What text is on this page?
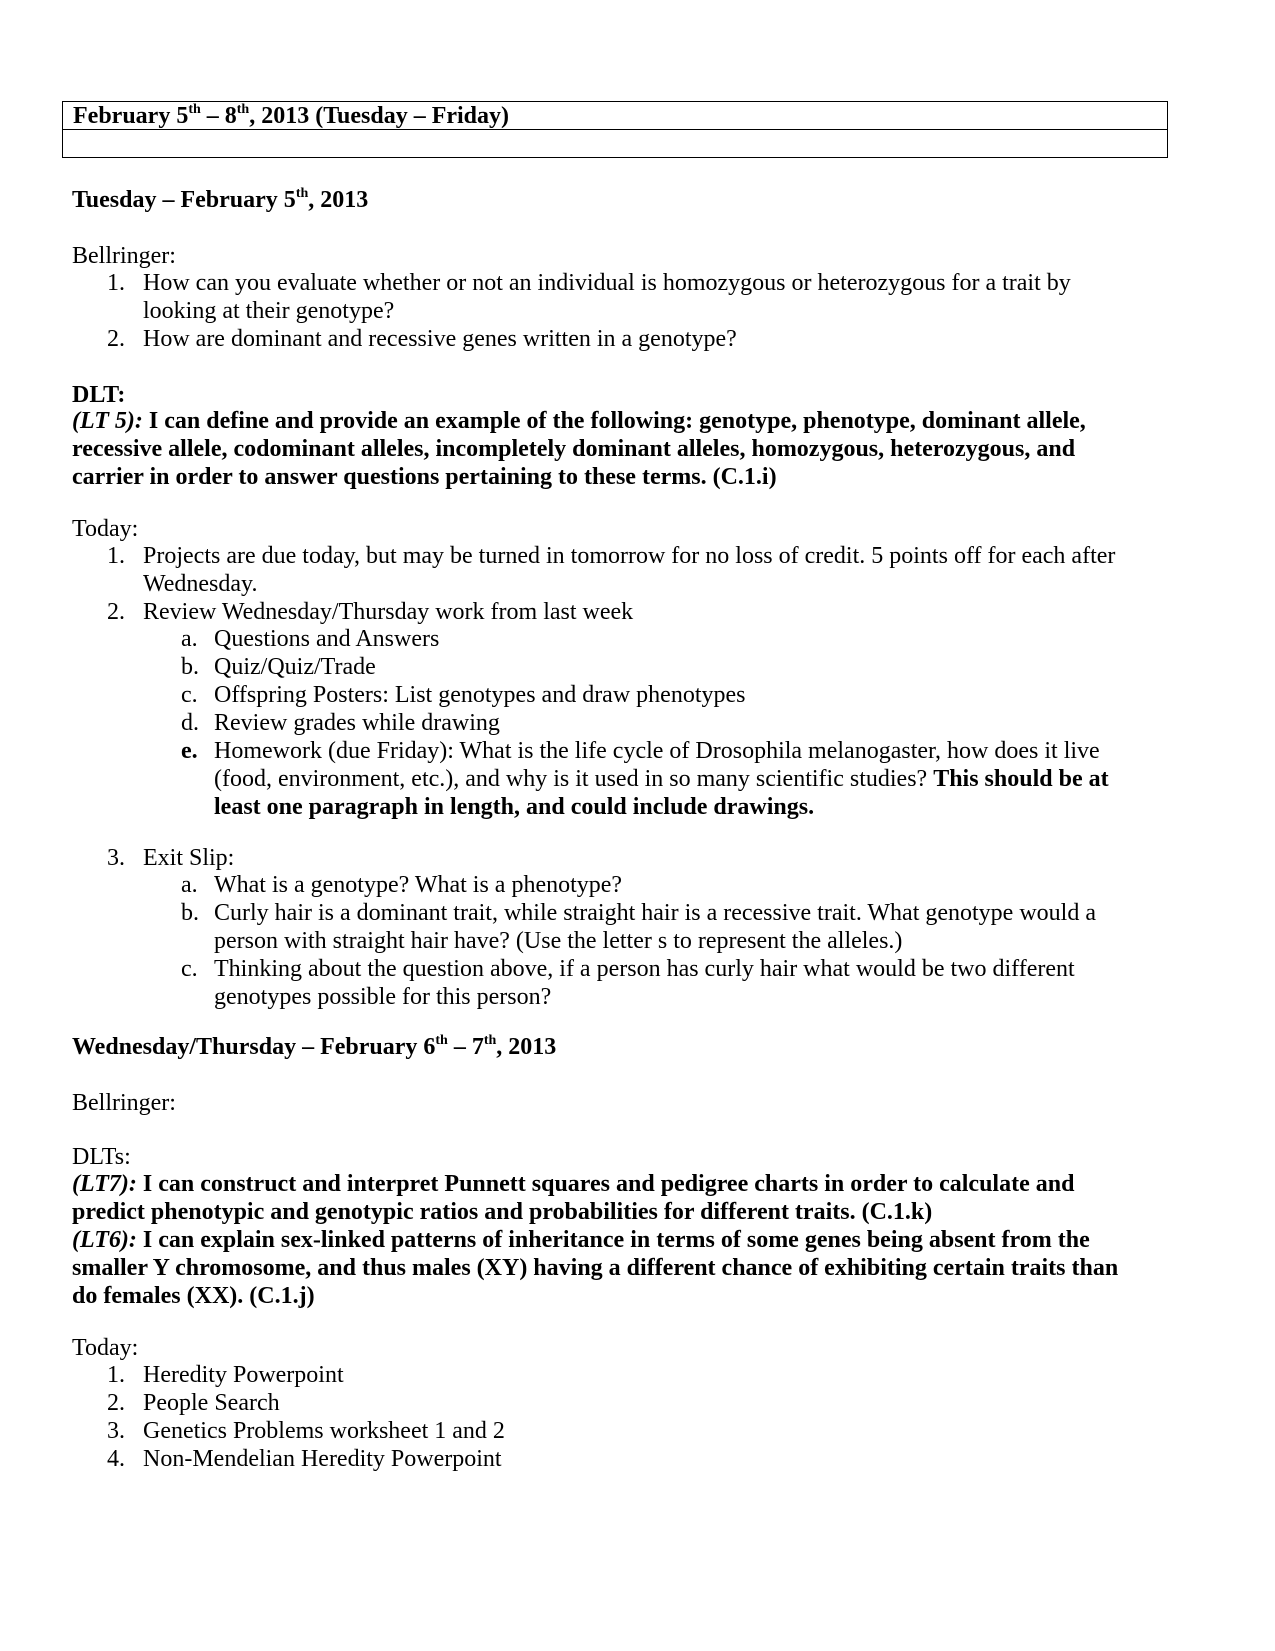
February 5th – 8th, 2013 (Tuesday – Friday)
Tuesday – February 5th, 2013
Bellringer:
1. How can you evaluate whether or not an individual is homozygous or heterozygous for a trait by looking at their genotype?
2. How are dominant and recessive genes written in a genotype?
DLT:
(LT 5): I can define and provide an example of the following: genotype, phenotype, dominant allele, recessive allele, codominant alleles, incompletely dominant alleles, homozygous, heterozygous, and carrier in order to answer questions pertaining to these terms. (C.1.i)
Today:
1. Projects are due today, but may be turned in tomorrow for no loss of credit. 5 points off for each after Wednesday.
2. Review Wednesday/Thursday work from last week
a. Questions and Answers
b. Quiz/Quiz/Trade
c. Offspring Posters: List genotypes and draw phenotypes
d. Review grades while drawing
e. Homework (due Friday): What is the life cycle of Drosophila melanogaster, how does it live (food, environment, etc.), and why is it used in so many scientific studies? This should be at least one paragraph in length, and could include drawings.
3. Exit Slip:
a. What is a genotype? What is a phenotype?
b. Curly hair is a dominant trait, while straight hair is a recessive trait. What genotype would a person with straight hair have? (Use the letter s to represent the alleles.)
c. Thinking about the question above, if a person has curly hair what would be two different genotypes possible for this person?
Wednesday/Thursday – February 6th – 7th, 2013
Bellringer:
DLTs:
(LT7): I can construct and interpret Punnett squares and pedigree charts in order to calculate and predict phenotypic and genotypic ratios and probabilities for different traits. (C.1.k)
(LT6): I can explain sex-linked patterns of inheritance in terms of some genes being absent from the smaller Y chromosome, and thus males (XY) having a different chance of exhibiting certain traits than do females (XX). (C.1.j)
Today:
1. Heredity Powerpoint
2. People Search
3. Genetics Problems worksheet 1 and 2
4. Non-Mendelian Heredity Powerpoint
